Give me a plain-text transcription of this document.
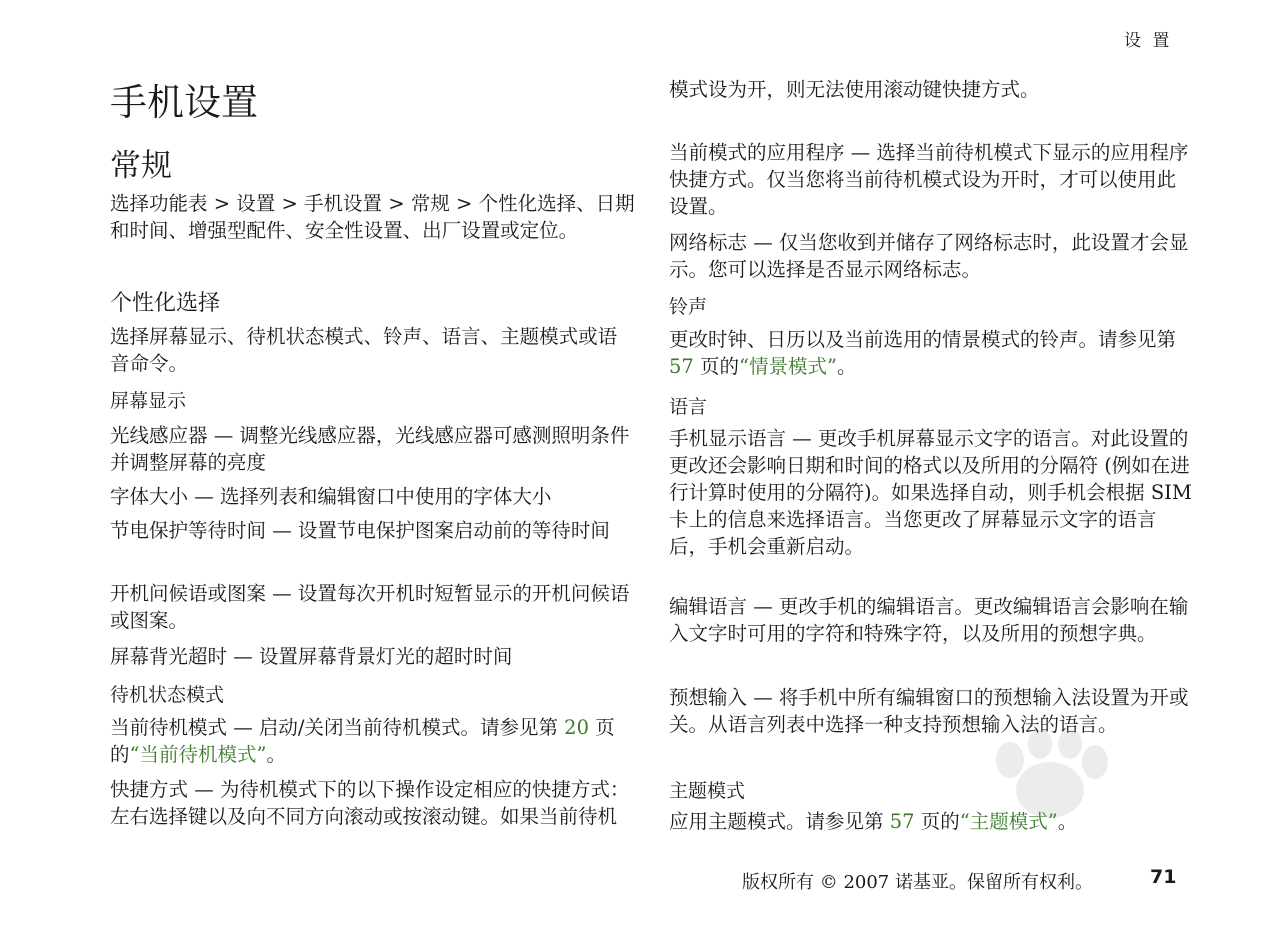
设 置
手机设置
常规
选择功能表 > 设置 > 手机设置 > 常规 > 个性化选择、日期和时间、增强型配件、安全性设置、出厂设置或定位。
个性化选择
选择屏幕显示、待机状态模式、铃声、语言、主题模式或语音命令。
屏幕显示
光线感应器 — 调整光线感应器，光线感应器可感测照明条件并调整屏幕的亮度
字体大小 — 选择列表和编辑窗口中使用的字体大小
节电保护等待时间 — 设置节电保护图案启动前的等待时间
开机问候语或图案 — 设置每次开机时短暂显示的开机问候语或图案。
屏幕背光超时 — 设置屏幕背景灯光的超时时间
待机状态模式
当前待机模式 — 启动/关闭当前待机模式。请参见第 20 页的“当前待机模式”。
快捷方式 — 为待机模式下的以下操作设定相应的快捷方式：左右选择键以及向不同方向滚动或按滚动键。如果当前待机
模式设为开，则无法使用滚动键快捷方式。
当前模式的应用程序 — 选择当前待机模式下显示的应用程序快捷方式。仅当您将当前待机模式设为开时，才可以使用此设置。
网络标志 — 仅当您收到并储存了网络标志时，此设置才会显示。您可以选择是否显示网络标志。
铃声
更改时钟、日历以及当前选用的情景模式的铃声。请参见第 57 页的“情景模式”。
语言
手机显示语言 — 更改手机屏幕显示文字的语言。对此设置的更改还会影响日期和时间的格式以及所用的分隔符 (例如在进行计算时使用的分隔符)。如果选择自动，则手机会根据 SIM 卡上的信息来选择语言。当您更改了屏幕显示文字的语言后，手机会重新启动。
编辑语言 — 更改手机的编辑语言。更改编辑语言会影响在输入文字时可用的字符和特殊字符，以及所用的预想字典。
预想输入 — 将手机中所有编辑窗口的预想输入法设置为开或关。从语言列表中选择一种支持预想输入法的语言。
主题模式
应用主题模式。请参见第 57 页的“主题模式”。
版权所有 © 2007 诺基亚。保留所有权利。	71
